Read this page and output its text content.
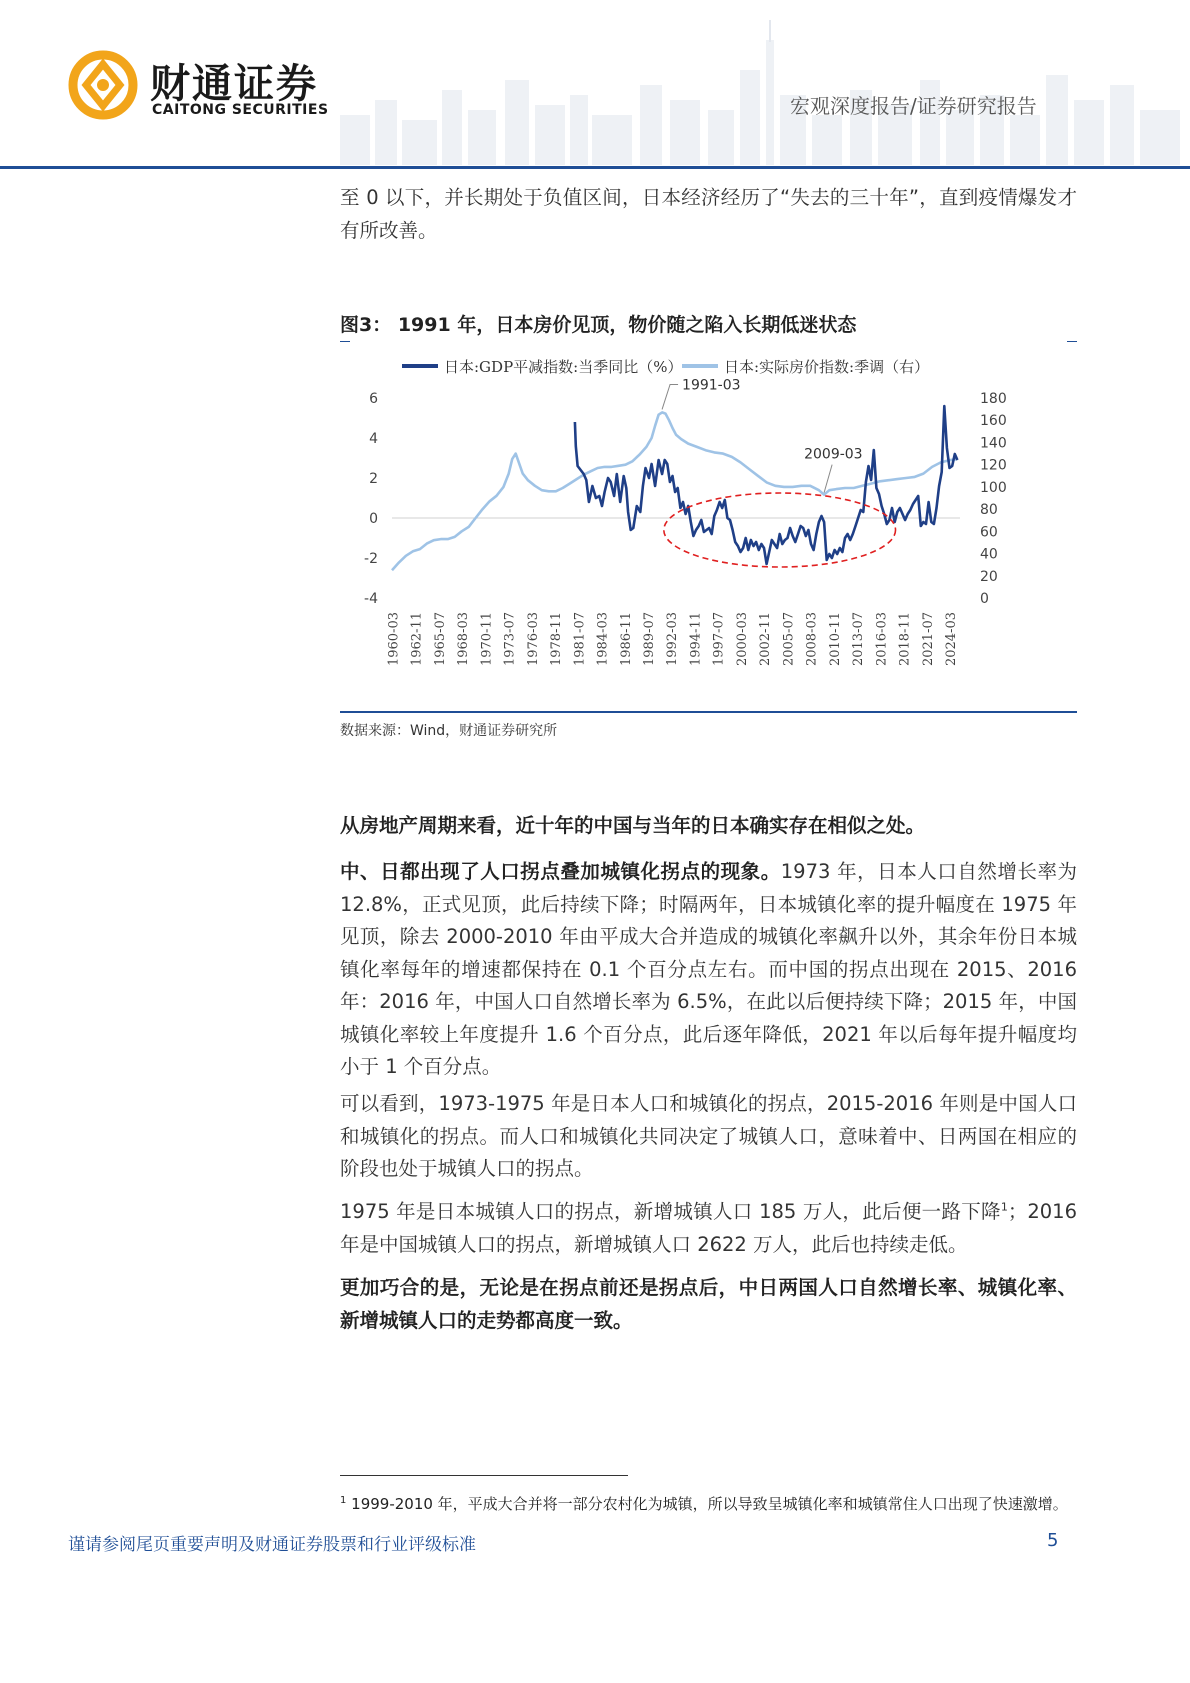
财通证券
CAITONG SECURITIES	宏观深度报告/证券研究报告

至 0 以下，并长期处于负值区间，日本经济经历了“失去的三十年”，直到疫情爆发才有所改善。

图3： 1991 年，日本房价见顶，物价随之陷入长期低迷状态
日本:GDP平减指数:当季同比（%）	日本:实际房价指数:季调（右）
6
4
2
0
-2
-4
180
160
140
120
100
80
60
40
20
0
1960-03 1962-11 1965-07 1968-03 1970-11 1973-07 1976-03 1978-11 1981-07 1984-03 1986-11 1989-07 1992-03 1994-11 1997-07 2000-03 2002-11 2005-07 2008-03 2010-11 2013-07 2016-03 2018-11 2021-07 2024-03
1991-03
2009-03
数据来源：Wind，财通证券研究所

从房地产周期来看，近十年的中国与当年的日本确实存在相似之处。

中、日都出现了人口拐点叠加城镇化拐点的现象。1973 年，日本人口自然增长率为 12.8%，正式见顶，此后持续下降；时隔两年，日本城镇化率的提升幅度在 1975 年见顶，除去 2000-2010 年由平成大合并造成的城镇化率飙升以外，其余年份日本城镇化率每年的增速都保持在 0.1 个百分点左右。而中国的拐点出现在 2015、2016 年：2016 年，中国人口自然增长率为 6.5%，在此以后便持续下降；2015 年，中国城镇化率较上年度提升 1.6 个百分点，此后逐年降低，2021 年以后每年提升幅度均小于 1 个百分点。

可以看到，1973-1975 年是日本人口和城镇化的拐点，2015-2016 年则是中国人口和城镇化的拐点。而人口和城镇化共同决定了城镇人口，意味着中、日两国在相应的阶段也处于城镇人口的拐点。

1975 年是日本城镇人口的拐点，新增城镇人口 185 万人，此后便一路下降$^1$；2016 年是中国城镇人口的拐点，新增城镇人口 2622 万人，此后也持续走低。

更加巧合的是，无论是在拐点前还是拐点后，中日两国人口自然增长率、城镇化率、新增城镇人口的走势都高度一致。

$^1$ 1999-2010 年，平成大合并将一部分农村化为城镇，所以导致呈城镇化率和城镇常住人口出现了快速激增。
谨请参阅尾页重要声明及财通证券股票和行业评级标准	5
